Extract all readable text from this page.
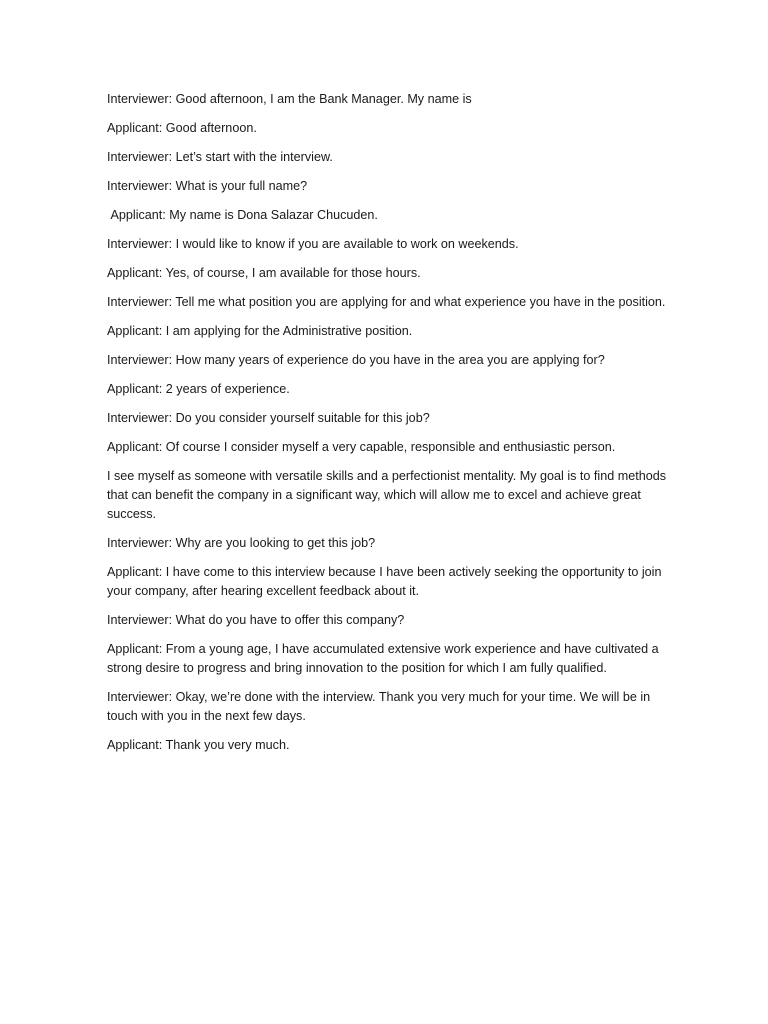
Interviewer: Good afternoon, I am the Bank Manager. My name is

Applicant: Good afternoon.

Interviewer: Let’s start with the interview.

Interviewer: What is your full name?

Applicant: My name is Dona Salazar Chucuden.

Interviewer: I would like to know if you are available to work on weekends.

Applicant: Yes, of course, I am available for those hours.

Interviewer: Tell me what position you are applying for and what experience you have in the position.

Applicant: I am applying for the Administrative position.

Interviewer: How many years of experience do you have in the area you are applying for?

Applicant: 2 years of experience.

Interviewer: Do you consider yourself suitable for this job?

Applicant: Of course I consider myself a very capable, responsible and enthusiastic person.

I see myself as someone with versatile skills and a perfectionist mentality. My goal is to find methods that can benefit the company in a significant way, which will allow me to excel and achieve great success.

Interviewer: Why are you looking to get this job?

Applicant: I have come to this interview because I have been actively seeking the opportunity to join your company, after hearing excellent feedback about it.

Interviewer: What do you have to offer this company?

Applicant: From a young age, I have accumulated extensive work experience and have cultivated a strong desire to progress and bring innovation to the position for which I am fully qualified.

Interviewer: Okay, we’re done with the interview. Thank you very much for your time. We will be in touch with you in the next few days.

Applicant: Thank you very much.
